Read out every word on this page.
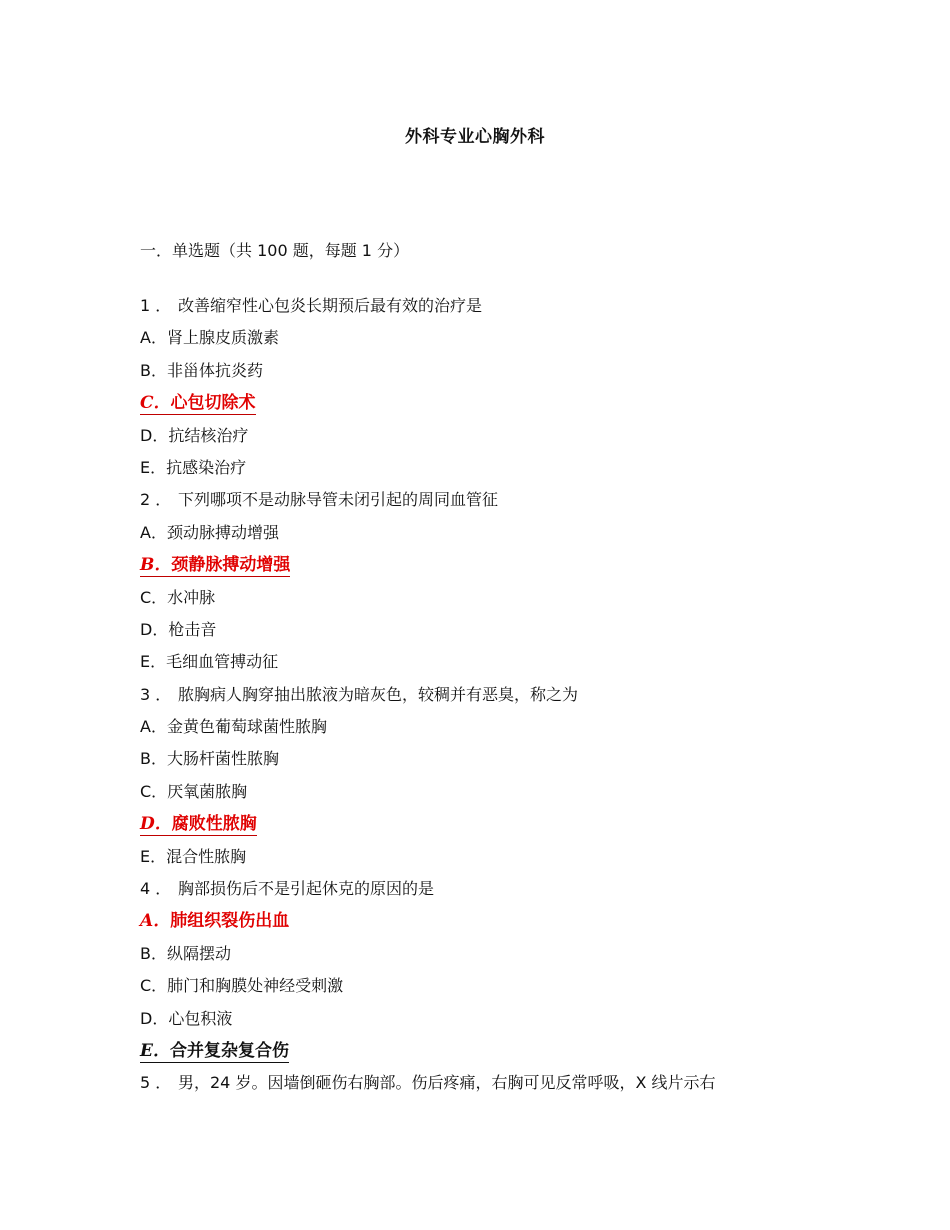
外科专业心胸外科
一．单选题（共 100 题，每题 1 分）
1 ． 改善缩窄性心包炎长期预后最有效的治疗是
A．肾上腺皮质激素
B．非甾体抗炎药
C．心包切除术
D．抗结核治疗
E．抗感染治疗
2 ． 下列哪项不是动脉导管未闭引起的周同血管征
A．颈动脉搏动增强
B．颈静脉搏动增强
C．水冲脉
D．枪击音
E．毛细血管搏动征
3 ． 脓胸病人胸穿抽出脓液为暗灰色，较稠并有恶臭，称之为
A．金黄色葡萄球菌性脓胸
B．大肠杆菌性脓胸
C．厌氧菌脓胸
D．腐败性脓胸
E．混合性脓胸
4 ． 胸部损伤后不是引起休克的原因的是
A．肺组织裂伤出血
B．纵隔摆动
C．肺门和胸膜处神经受刺激
D．心包积液
E．合并复杂复合伤
5 ． 男，24 岁。因墙倒砸伤右胸部。伤后疼痛，右胸可见反常呼吸，X 线片示右
